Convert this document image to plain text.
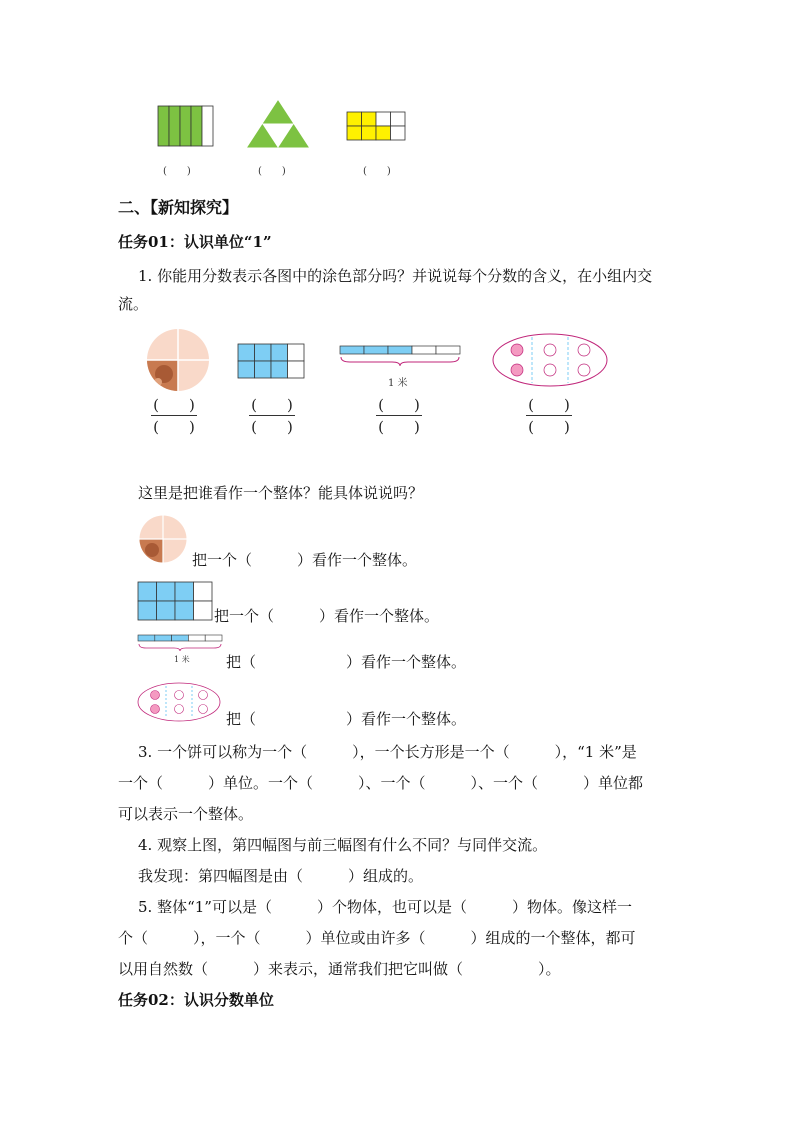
(　　)	(　　)	(　　)
二、【新知探究】
任务01：认识单位“1”
1. 你能用分数表示各图中的涂色部分吗？并说说每个分数的含义，在小组内交
流。
1 米
(　　)
(　　)
(　　)
(　　)
(　　)
(　　)
(　　)
(　　)
这里是把谁看作一个整体？能具体说说吗？
把一个（　　　）看作一个整体。
把一个（　　　）看作一个整体。
1 米 把（　　　　　　）看作一个整体。
把（　　　　　　）看作一个整体。
3. 一个饼可以称为一个（　　　），一个长方形是一个（　　　），“1 米”是
一个（　　　）单位。一个（　　　）、一个（　　　）、一个（　　　）单位都
可以表示一个整体。
4. 观察上图，第四幅图与前三幅图有什么不同？与同伴交流。
我发现：第四幅图是由（　　　）组成的。
5. 整体“1”可以是（　　　）个物体，也可以是（　　　）物体。像这样一
个（　　　），一个（　　　）单位或由许多（　　　）组成的一个整体，都可
以用自然数（　　　）来表示，通常我们把它叫做（　　　　　）。
任务02：认识分数单位
